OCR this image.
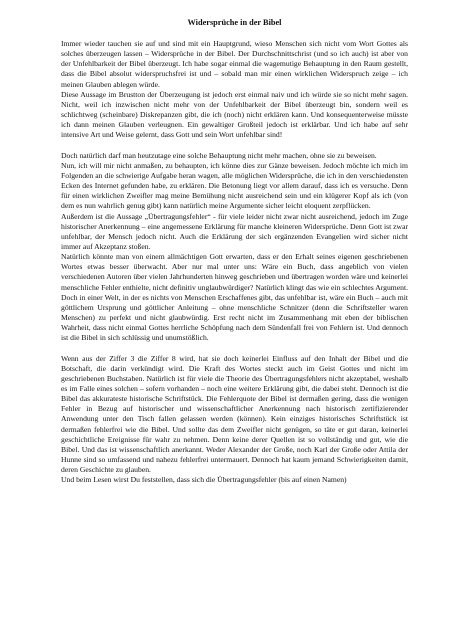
Widersprüche in der Bibel

Immer wieder tauchen sie auf und sind mit ein Hauptgrund, wieso Menschen sich nicht vom Wort Gottes als solches überzeugen lassen – Widersprüche in der Bibel. Der Durchschnittschrist (und so ich auch) ist aber von der Unfehlbarkeit der Bibel überzeugt. Ich habe sogar einmal die wagemutige Behauptung in den Raum gestellt, dass die Bibel absolut widerspruchsfrei ist und – sobald man mir einen wirklichen Widerspruch zeige – ich meinen Glauben ablegen würde.

Diese Aussage im Brustton der Überzeugung ist jedoch erst einmal naiv und ich würde sie so nicht mehr sagen. Nicht, weil ich inzwischen nicht mehr von der Unfehlbarkeit der Bibel überzeugt bin, sondern weil es schlichtweg (scheinbare) Diskrepanzen gibt, die ich (noch) nicht erklären kann. Und konsequenterweise müsste ich dann meinen Glauben verleugnen. Ein gewaltiger Großteil jedoch ist erklärbar. Und ich habe auf sehr intensive Art und Weise gelernt, dass Gott und sein Wort unfehlbar sind!

Doch natürlich darf man heutzutage eine solche Behauptung nicht mehr machen, ohne sie zu beweisen.

Nun, ich will mir nicht anmaßen, zu behaupten, ich könne dies zur Gänze beweisen. Jedoch möchte ich mich im Folgenden an die schwierige Aufgabe heran wagen, alle möglichen Widersprüche, die ich in den verschiedensten Ecken des Internet gefunden habe, zu erklären. Die Betonung liegt vor allem darauf, dass ich es versuche. Denn für einen wirklichen Zweifler mag meine Bemühung nicht ausreichend sein und ein klügerer Kopf als ich (von dem es nun wahrlich genug gibt) kann natürlich meine Argumente sicher leicht eloquent zerpflücken.

Außerdem ist die Aussage „Übertragungsfehler“ - für viele leider nicht zwar nicht ausreichend, jedoch im Zuge historischer Anerkennung – eine angemessene Erklärung für manche kleineren Widersprüche. Denn Gott ist zwar unfehlbar, der Mensch jedoch nicht. Auch die Erklärung der sich ergänzenden Evangelien wird sicher nicht immer auf Akzeptanz stoßen.

Natürlich könnte man von einem allmächtigen Gott erwarten, dass er den Erhalt seines eigenen geschriebenen Wortes etwas besser überwacht. Aber nur mal unter uns: Wäre ein Buch, dass angeblich von vielen verschiedenen Autoren über vielen Jahrhunderten hinweg geschrieben und übertragen worden wäre und keinerlei menschliche Fehler enthielte, nicht definitiv unglaubwürdiger? Natürlich klingt das wie ein schlechtes Argument. Doch in einer Welt, in der es nichts von Menschen Erschaffenes gibt, das unfehlbar ist, wäre ein Buch – auch mit göttlichem Ursprung und göttlicher Anleitung – ohne menschliche Schnitzer (denn die Schriftsteller waren Menschen) zu perfekt und nicht glaubwürdig. Erst recht nicht im Zusammenhang mit eben der biblischen Wahrheit, dass nicht einmal Gottes herrliche Schöpfung nach dem Sündenfall frei von Fehlern ist. Und dennoch ist die Bibel in sich schlüssig und unumstößlich.

Wenn aus der Ziffer 3 die Ziffer 8 wird, hat sie doch keinerlei Einfluss auf den Inhalt der Bibel und die Botschaft, die darin verkündigt wird. Die Kraft des Wortes steckt auch im Geist Gottes und nicht im geschriebenen Buchstaben. Natürlich ist für viele die Theorie des Übertragungsfehlers nicht akzeptabel, weshalb es im Falle eines solchen – sofern vorhanden – noch eine weitere Erklärung gibt, die dabei steht. Dennoch ist die Bibel das akkurateste historische Schriftstück. Die Fehlerquote der Bibel ist dermaßen gering, dass die wenigen Fehler in Bezug auf historischer und wissenschaftlicher Anerkennung nach historisch zertifizierender Anwendung unter den Tisch fallen gelassen werden (können). Kein einziges historisches Schriftstück ist dermaßen fehlerfrei wie die Bibel. Und sollte das dem Zweifler nicht genügen, so täte er gut daran, keinerlei geschichtliche Ereignisse für wahr zu nehmen. Denn keine derer Quellen ist so vollständig und gut, wie die Bibel. Und das ist wissenschaftlich anerkannt. Weder Alexander der Große, noch Karl der Große oder Attila der Hunne sind so umfassend und nahezu fehlerfrei untermauert. Dennoch hat kaum jemand Schwierigkeiten damit, deren Geschichte zu glauben.

Und beim Lesen wirst Du feststellen, dass sich die Übertragungsfehler (bis auf einen Namen)
